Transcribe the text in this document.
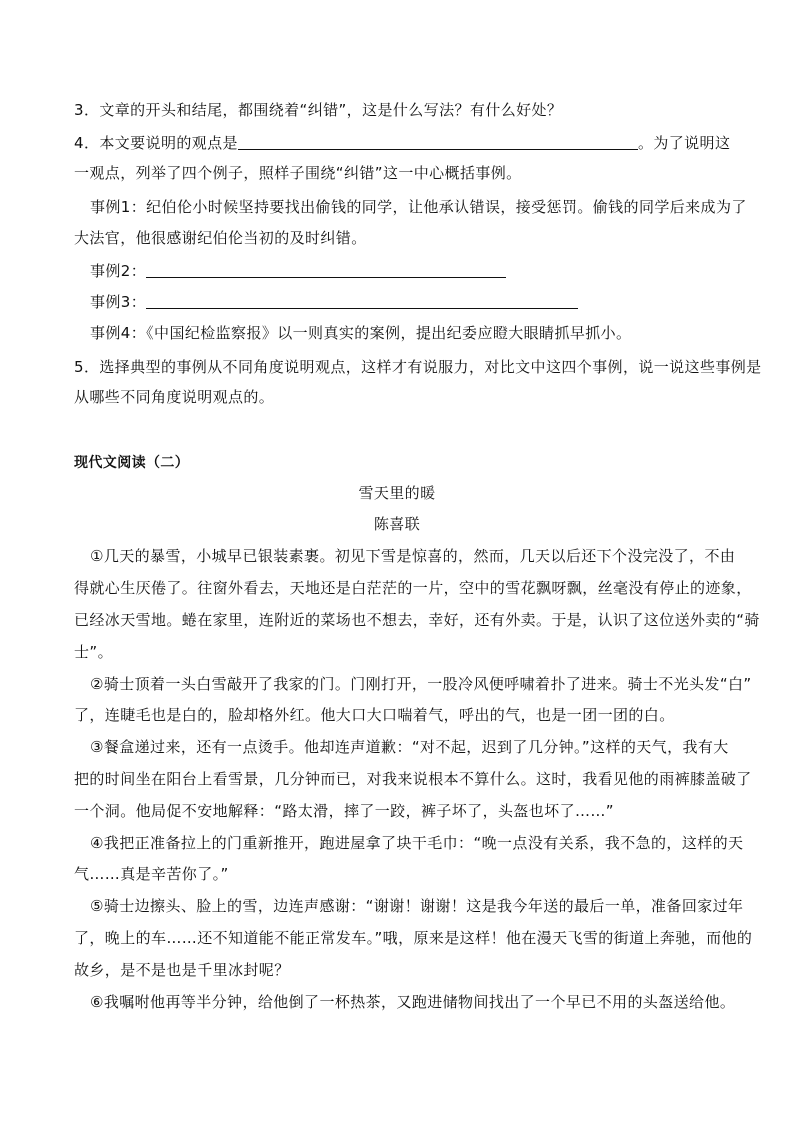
3．文章的开头和结尾，都围绕着“纠错”，这是什么写法？有什么好处？
4．本文要说明的观点是	。为了说明这
一观点，列举了四个例子，照样子围绕“纠错”这一中心概括事例。
事例1：纪伯伦小时候坚持要找出偷钱的同学，让他承认错误，接受惩罚。偷钱的同学后来成为了
大法官，他很感谢纪伯伦当初的及时纠错。
事例2：
事例3：
事例4：《中国纪检监察报》以一则真实的案例，提出纪委应瞪大眼睛抓早抓小。
5．选择典型的事例从不同角度说明观点，这样才有说服力，对比文中这四个事例，说一说这些事例是
从哪些不同角度说明观点的。
现代文阅读（二）
雪天里的暖
陈喜联
①几天的暴雪，小城早已银装素裹。初见下雪是惊喜的，然而，几天以后还下个没完没了，不由
得就心生厌倦了。往窗外看去，天地还是白茫茫的一片，空中的雪花飘呀飘，丝毫没有停止的迹象，
已经冰天雪地。蜷在家里，连附近的菜场也不想去，幸好，还有外卖。于是，认识了这位送外卖的“骑
士”。
②骑士顶着一头白雪敲开了我家的门。门刚打开，一股冷风便呼啸着扑了进来。骑士不光头发“白”
了，连睫毛也是白的，脸却格外红。他大口大口喘着气，呼出的气，也是一团一团的白。
③餐盒递过来，还有一点烫手。他却连声道歉：“对不起，迟到了几分钟。”这样的天气，我有大
把的时间坐在阳台上看雪景，几分钟而已，对我来说根本不算什么。这时，我看见他的雨裤膝盖破了
一个洞。他局促不安地解释：“路太滑，摔了一跤，裤子坏了，头盔也坏了……”
④我把正准备拉上的门重新推开，跑进屋拿了块干毛巾：“晚一点没有关系，我不急的，这样的天
气……真是辛苦你了。”
⑤骑士边擦头、脸上的雪，边连声感谢：“谢谢！谢谢！这是我今年送的最后一单，准备回家过年
了，晚上的车……还不知道能不能正常发车。”哦，原来是这样！他在漫天飞雪的街道上奔驰，而他的
故乡，是不是也是千里冰封呢？
⑥我嘱咐他再等半分钟，给他倒了一杯热茶，又跑进储物间找出了一个早已不用的头盔送给他。
